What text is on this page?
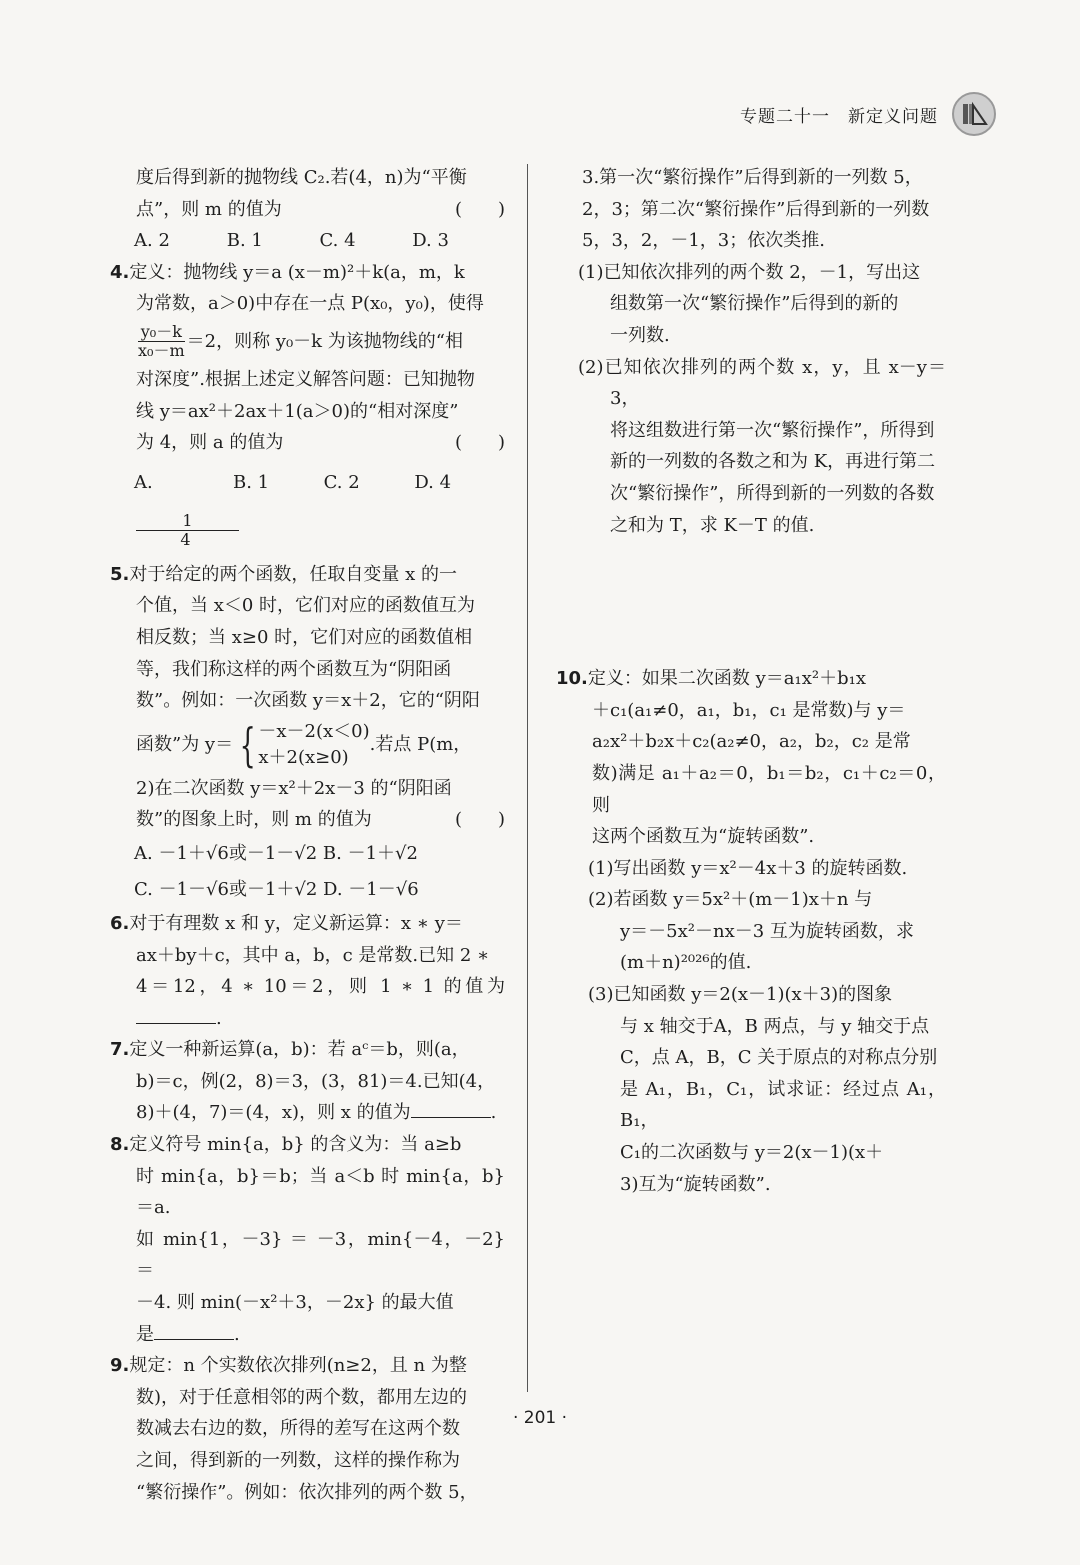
专题二十一　新定义问题

度后得到新的抛物线 C₂.若(4，n)为“平衡

点”，则 m 的值为	(　　)

A. 2	B. 1	C. 4	D. 3

4.定义：抛物线 y＝a (x－m)²＋k(a，m，k

为常数，a＞0)中存在一点 P(x₀，y₀)，使得

$\frac{\text{y₀－k}}{\text{x₀－m}} =2$，则称 y₀－k 为该抛物线的“相

对深度”.根据上述定义解答问题：已知抛物

线 y＝ax²＋2ax＋1(a＞0)的“相对深度”

为 4，则 a 的值为	(　　)

A.
$\frac{1}{4}$
B. 1	C. 2	D. 4

5.对于给定的两个函数，任取自变量 x 的一

个值，当 x＜0 时，它们对应的函数值互为

相反数；当 x≥0 时，它们对应的函数值相

等，我们称这样的两个函数互为“阴阳函

数”。例如：一次函数 y＝x＋2，它的“阴阳

函数”为 y＝ { －x－2(x＜0)
x＋2(x≥0)
.若点 P(m，

2)在二次函数 y＝x²＋2x－3 的“阴阳函

数”的图象上时，则 m 的值为	(　　)

A. －1＋√6或－1－√2 B. －1＋√2

C. －1－√6或－1＋√2 D. －1－√6

6.对于有理数 x 和 y，定义新运算：x ∗ y＝

ax＋by＋c，其中 a，b，c 是常数.已知 2 ∗

4＝12，4 ∗ 10＝2，则 1 ∗ 1 的值为.

7.定义一种新运算(a，b)：若 aᶜ＝b，则(a，

b)＝c，例(2，8)＝3，(3，81)＝4.已知(4，

8)＋(4，7)＝(4，x)，则 x 的值为	.

8.定义符号 min{a，b} 的含义为：当 a≥b

时 min{a，b}＝b；当 a＜b 时 min{a，b}＝a.

如 min{1，－3} ＝ －3，min{－4，－2} ＝

－4. 则 min(－x²＋3，－2x} 的最大值

是	.

9.规定：n 个实数依次排列(n≥2，且 n 为整

数)，对于任意相邻的两个数，都用左边的

数减去右边的数，所得的差写在这两个数

之间，得到新的一列数，这样的操作称为

“繁衍操作”。例如：依次排列的两个数 5，

3.第一次“繁衍操作”后得到新的一列数 5，

2，3；第二次“繁衍操作”后得到新的一列数

5，3，2，－1，3；依次类推.

(1)已知依次排列的两个数 2，－1，写出这

组数第一次“繁衍操作”后得到的新的

一列数.

(2)已知依次排列的两个数 x，y，且 x－y＝3，

将这组数进行第一次“繁衍操作”，所得到

新的一列数的各数之和为 K，再进行第二

次“繁衍操作”，所得到新的一列数的各数

之和为 T，求 K－T 的值.

10.定义：如果二次函数 y＝a₁x²＋b₁x

＋c₁(a₁≠0，a₁，b₁，c₁ 是常数)与 y＝

a₂x²＋b₂x＋c₂(a₂≠0，a₂，b₂，c₂ 是常

数)满足 a₁＋a₂＝0，b₁＝b₂，c₁＋c₂＝0，则

这两个函数互为“旋转函数”.

(1)写出函数 y＝x²－4x＋3 的旋转函数.

(2)若函数 y＝5x²＋(m－1)x＋n 与

y＝－5x²－nx－3 互为旋转函数，求

(m＋n)²⁰²⁶的值.

(3)已知函数 y＝2(x－1)(x＋3)的图象

与 x 轴交于A，B 两点，与 y 轴交于点

C，点 A，B，C 关于原点的对称点分别

是 A₁，B₁，C₁，试求证：经过点 A₁，B₁，

C₁的二次函数与 y＝2(x－1)(x＋

3)互为“旋转函数”.

· 201 ·
